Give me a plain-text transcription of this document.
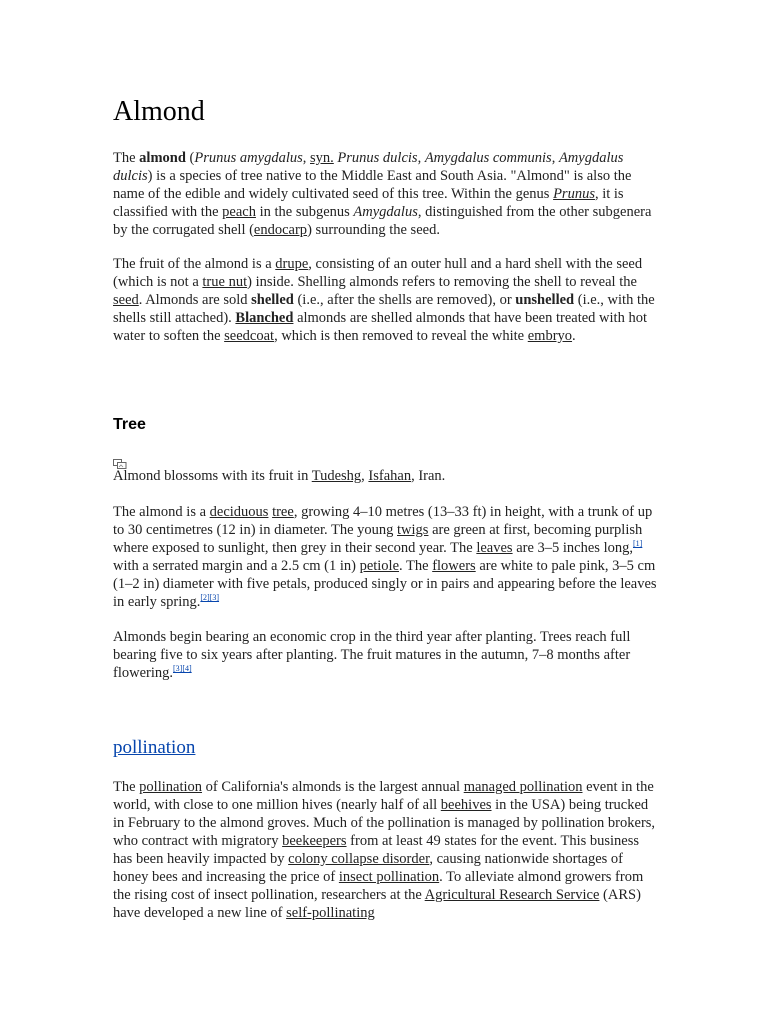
Almond

The almond (Prunus amygdalus, syn. Prunus dulcis, Amygdalus communis, Amygdalus dulcis) is a species of tree native to the Middle East and South Asia. "Almond" is also the name of the edible and widely cultivated seed of this tree. Within the genus Prunus, it is classified with the peach in the subgenus Amygdalus, distinguished from the other subgenera by the corrugated shell (endocarp) surrounding the seed.

The fruit of the almond is a drupe, consisting of an outer hull and a hard shell with the seed (which is not a true nut) inside. Shelling almonds refers to removing the shell to reveal the seed. Almonds are sold shelled (i.e., after the shells are removed), or unshelled (i.e., with the shells still attached). Blanched almonds are shelled almonds that have been treated with hot water to soften the seedcoat, which is then removed to reveal the white embryo.

Tree

Almond blossoms with its fruit in Tudeshg, Isfahan, Iran.

The almond is a deciduous tree, growing 4–10 metres (13–33 ft) in height, with a trunk of up to 30 centimetres (12 in) in diameter. The young twigs are green at first, becoming purplish where exposed to sunlight, then grey in their second year. The leaves are 3–5 inches long,[1] with a serrated margin and a 2.5 cm (1 in) petiole. The flowers are white to pale pink, 3–5 cm (1–2 in) diameter with five petals, produced singly or in pairs and appearing before the leaves in early spring.[2][3]

Almonds begin bearing an economic crop in the third year after planting. Trees reach full bearing five to six years after planting. The fruit matures in the autumn, 7–8 months after flowering.[3][4]

pollination

The pollination of California's almonds is the largest annual managed pollination event in the world, with close to one million hives (nearly half of all beehives in the USA) being trucked in February to the almond groves. Much of the pollination is managed by pollination brokers, who contract with migratory beekeepers from at least 49 states for the event. This business has been heavily impacted by colony collapse disorder, causing nationwide shortages of honey bees and increasing the price of insect pollination. To alleviate almond growers from the rising cost of insect pollination, researchers at the Agricultural Research Service (ARS) have developed a new line of self-pollinating
